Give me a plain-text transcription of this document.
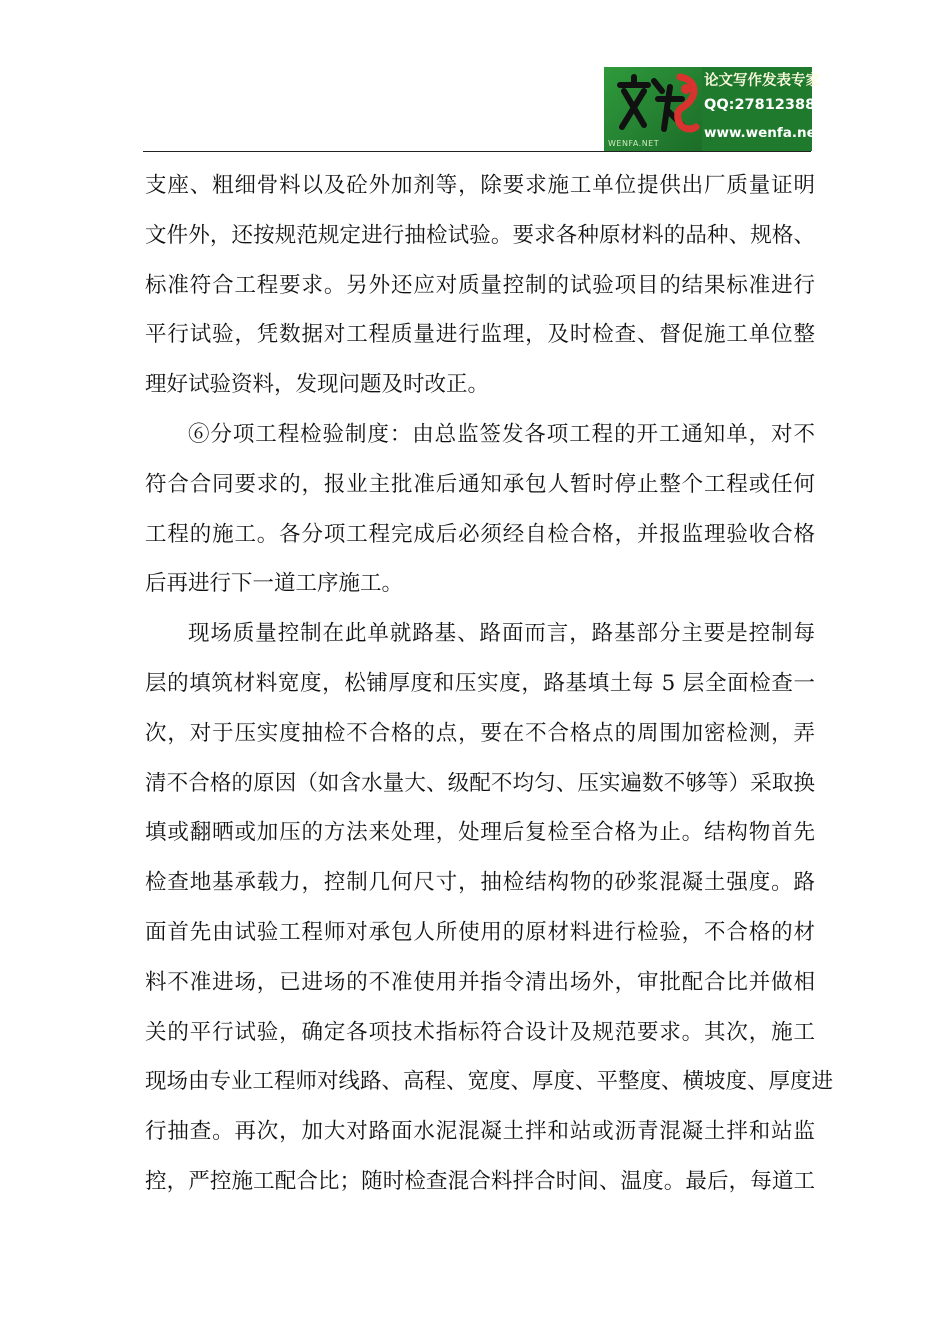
WENFA.NET
论文写作发表专家
QQ:278123888
www.wenfa.net
支座、粗细骨料以及砼外加剂等，除要求施工单位提供出厂质量证明
文件外，还按规范规定进行抽检试验。要求各种原材料的品种、规格、
标准符合工程要求。另外还应对质量控制的试验项目的结果标准进行
平行试验，凭数据对工程质量进行监理，及时检查、督促施工单位整
理好试验资料，发现问题及时改正。
⑥分项工程检验制度：由总监签发各项工程的开工通知单，对不
符合合同要求的，报业主批准后通知承包人暂时停止整个工程或任何
工程的施工。各分项工程完成后必须经自检合格，并报监理验收合格
后再进行下一道工序施工。
现场质量控制在此单就路基、路面而言，路基部分主要是控制每
层的填筑材料宽度，松铺厚度和压实度，路基填土每 5 层全面检查一
次，对于压实度抽检不合格的点，要在不合格点的周围加密检测，弄
清不合格的原因（如含水量大、级配不均匀、压实遍数不够等）采取换
填或翻晒或加压的方法来处理，处理后复检至合格为止。结构物首先
检查地基承载力，控制几何尺寸，抽检结构物的砂浆混凝土强度。路
面首先由试验工程师对承包人所使用的原材料进行检验，不合格的材
料不准进场，已进场的不准使用并指令清出场外，审批配合比并做相
关的平行试验，确定各项技术指标符合设计及规范要求。其次，施工
现场由专业工程师对线路、高程、宽度、厚度、平整度、横坡度、厚度进
行抽查。再次，加大对路面水泥混凝土拌和站或沥青混凝土拌和站监
控，严控施工配合比；随时检查混合料拌合时间、温度。最后，每道工
